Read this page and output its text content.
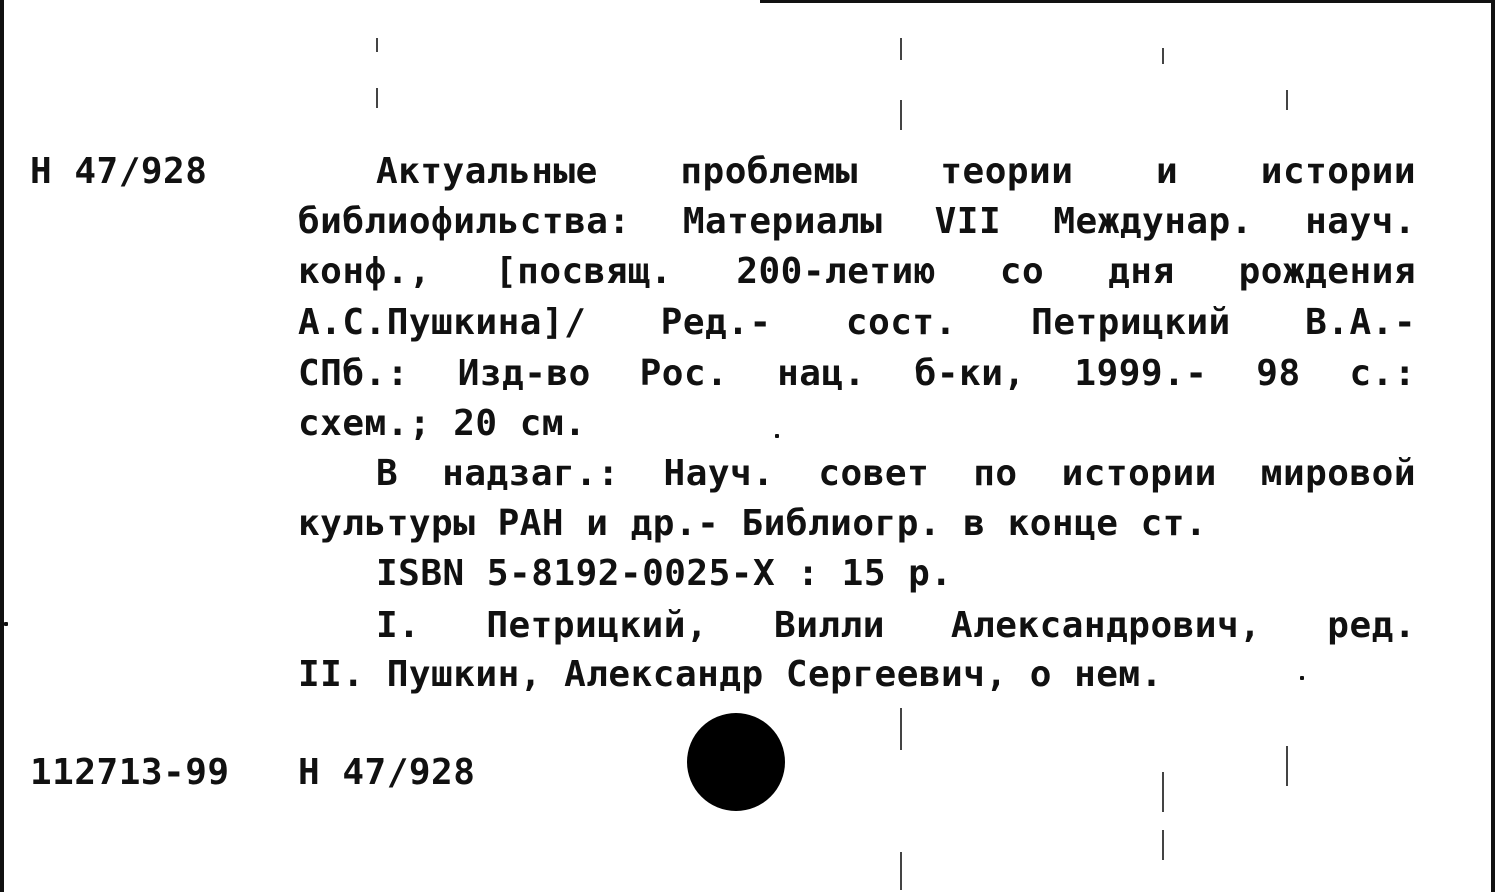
Н 47/928	Актуальные проблемы теории и истории
библиофильства: Материалы VII Междунар. науч.
конф., [посвящ. 200-летию со дня рождения
А.С.Пушкина]/ Ред.- сост. Петрицкий В.А.-
СПб.: Изд-во Рос. нац. б-ки, 1999.- 98 с.:
схем.; 20 см.
В надзаг.: Науч. совет по истории мировой
культуры РАН и др.- Библиогр. в конце ст.
ISBN 5-8192-0025-X : 15 р.
I. Петрицкий, Вилли Александрович, ред.
II. Пушкин, Александр Сергеевич, о нем.
112713-99 Н 47/928
